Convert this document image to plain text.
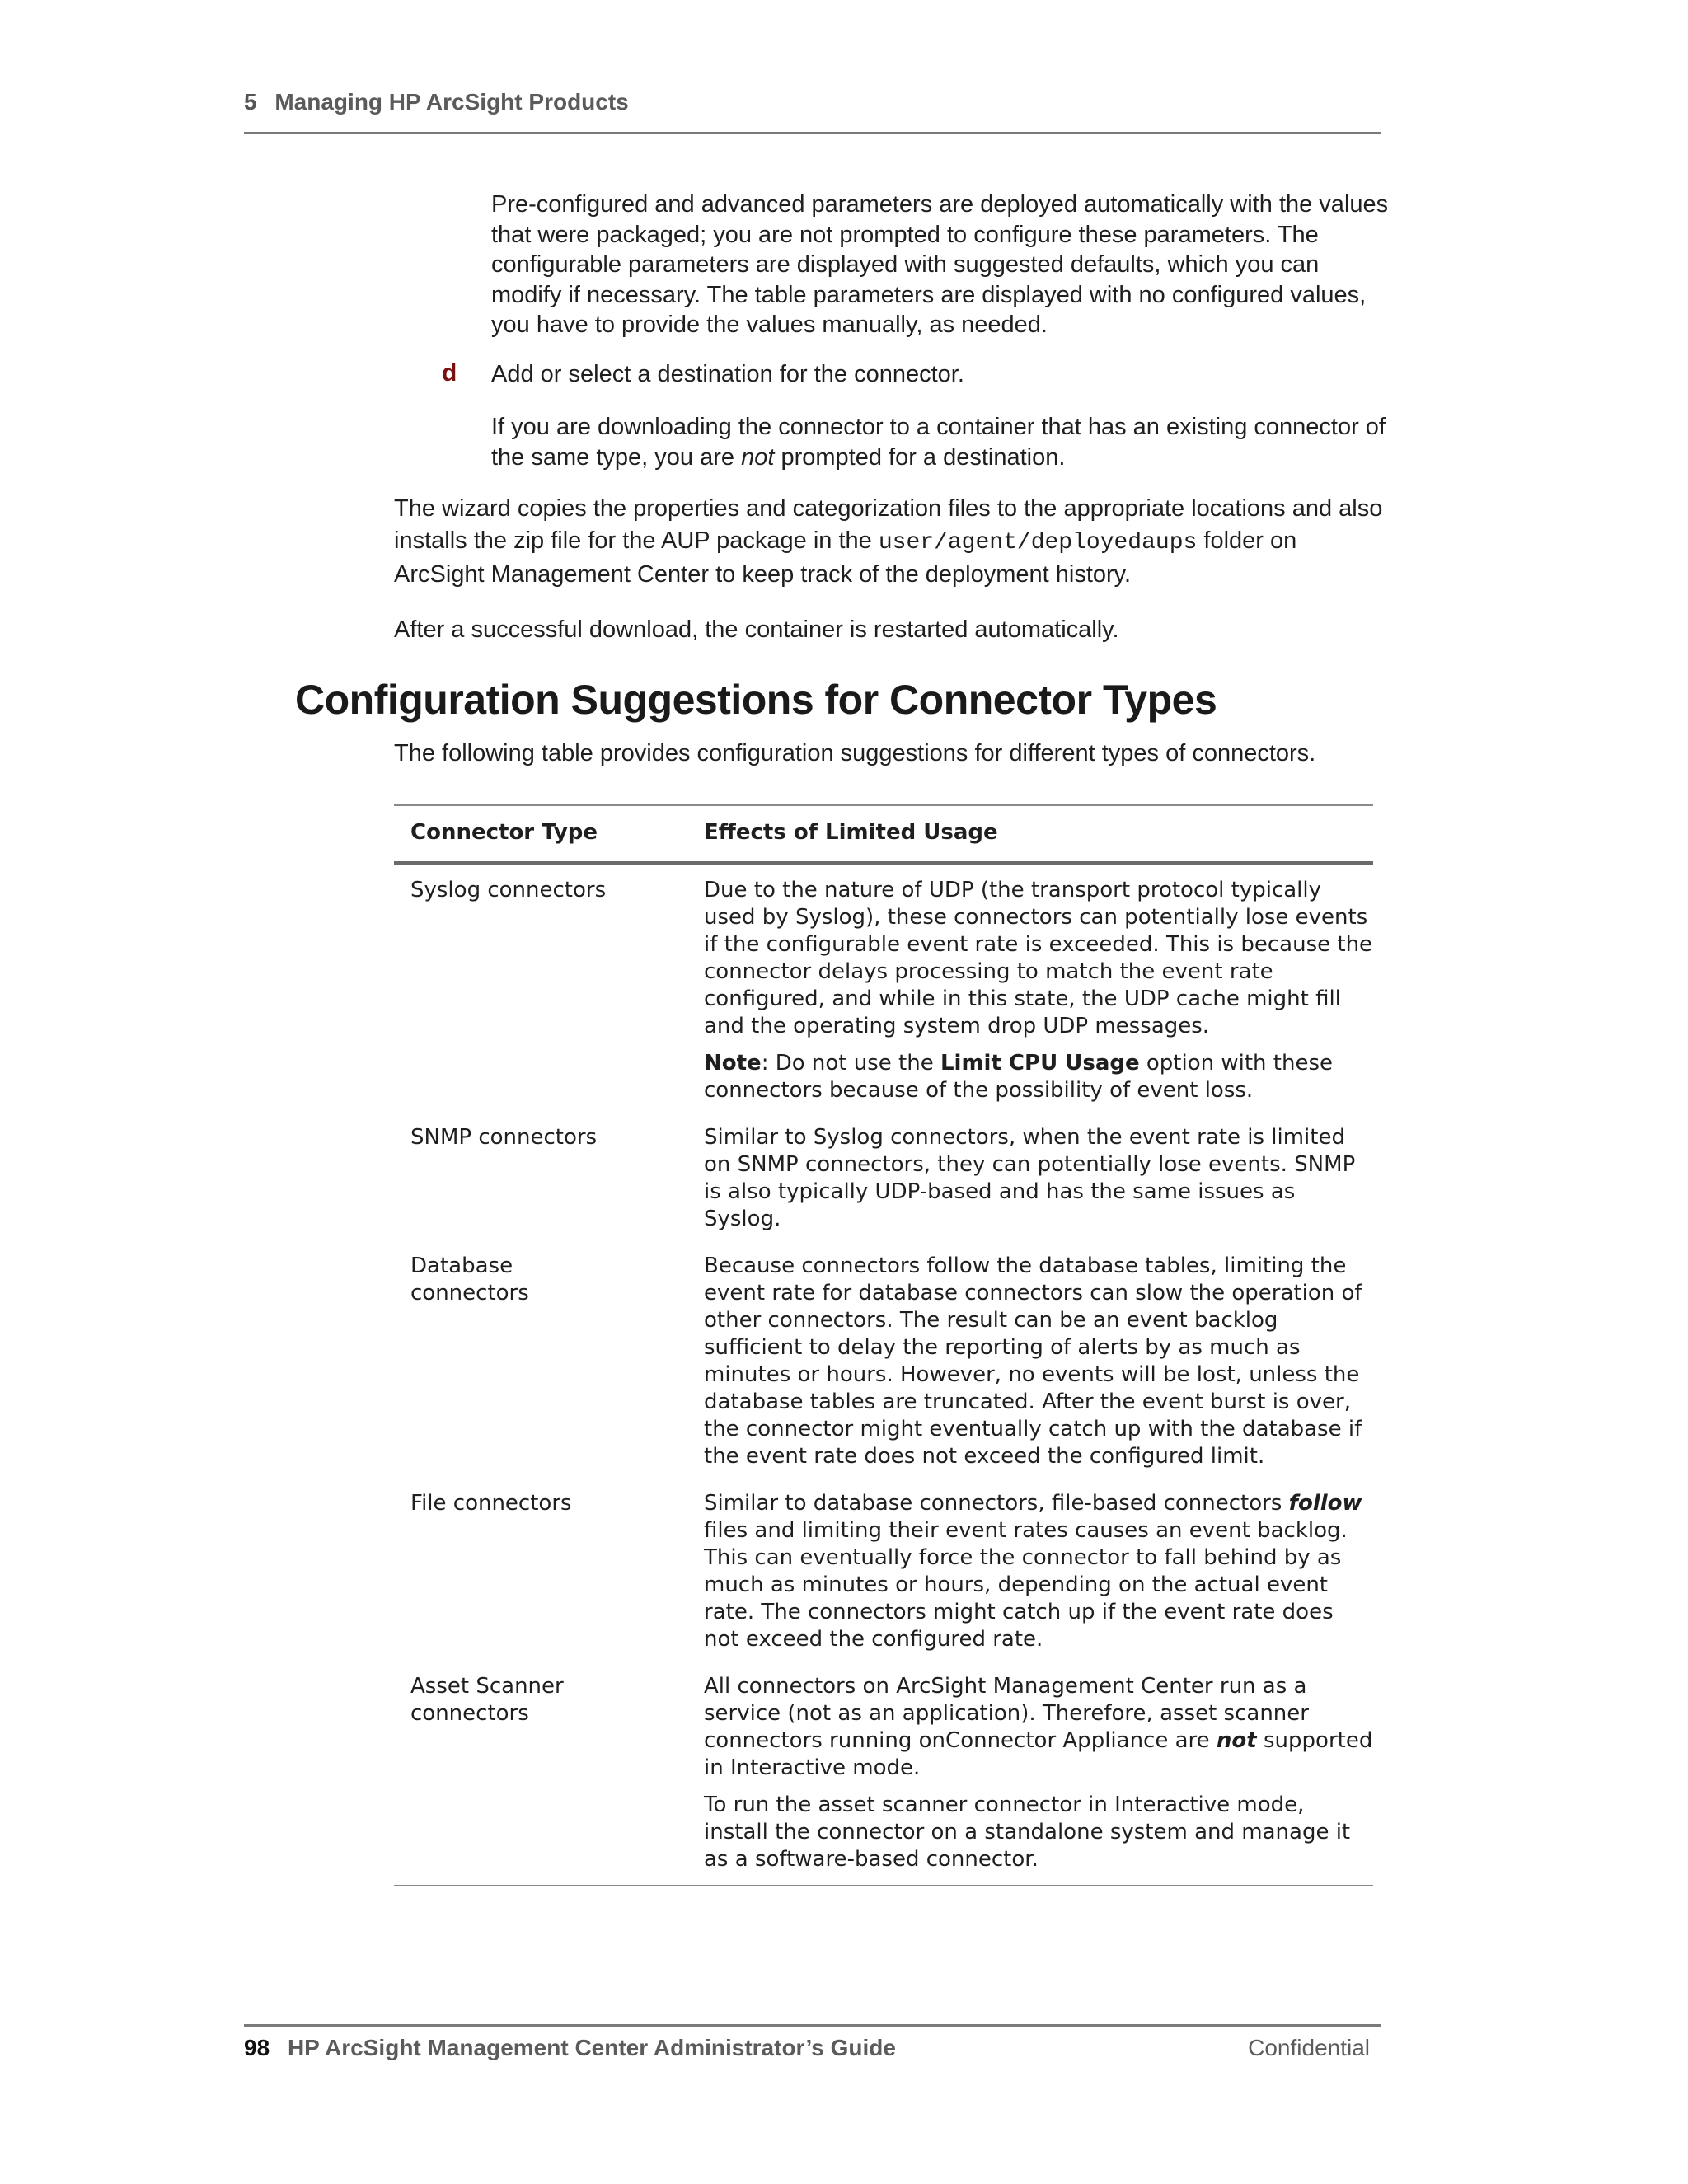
5 Managing HP ArcSight Products
Pre-configured and advanced parameters are deployed automatically with the values that were packaged; you are not prompted to configure these parameters. The configurable parameters are displayed with suggested defaults, which you can modify if necessary. The table parameters are displayed with no configured values, you have to provide the values manually, as needed.
d Add or select a destination for the connector.
If you are downloading the connector to a container that has an existing connector of the same type, you are not prompted for a destination.
The wizard copies the properties and categorization files to the appropriate locations and also installs the zip file for the AUP package in the user/agent/deployedaups folder on ArcSight Management Center to keep track of the deployment history.
After a successful download, the container is restarted automatically.
Configuration Suggestions for Connector Types
The following table provides configuration suggestions for different types of connectors.
Connector Type	Effects of Limited Usage
Syslog connectors	Due to the nature of UDP (the transport protocol typically used by Syslog), these connectors can potentially lose events if the configurable event rate is exceeded. This is because the connector delays processing to match the event rate configured, and while in this state, the UDP cache might fill and the operating system drop UDP messages.

Note: Do not use the Limit CPU Usage option with these connectors because of the possibility of event loss.

SNMP connectors	Similar to Syslog connectors, when the event rate is limited on SNMP connectors, they can potentially lose events. SNMP is also typically UDP-based and has the same issues as Syslog.

Database connectors	Because connectors follow the database tables, limiting the event rate for database connectors can slow the operation of other connectors. The result can be an event backlog sufficient to delay the reporting of alerts by as much as minutes or hours. However, no events will be lost, unless the database tables are truncated. After the event burst is over, the connector might eventually catch up with the database if the event rate does not exceed the configured limit.

File connectors	Similar to database connectors, file-based connectors follow files and limiting their event rates causes an event backlog. This can eventually force the connector to fall behind by as much as minutes or hours, depending on the actual event rate. The connectors might catch up if the event rate does not exceed the configured rate.

Asset Scanner connectors	All connectors on ArcSight Management Center run as a service (not as an application). Therefore, asset scanner connectors running onConnector Appliance are not supported in Interactive mode.

To run the asset scanner connector in Interactive mode, install the connector on a standalone system and manage it as a software-based connector.

98 HP ArcSight Management Center Administrator’s Guide	Confidential
